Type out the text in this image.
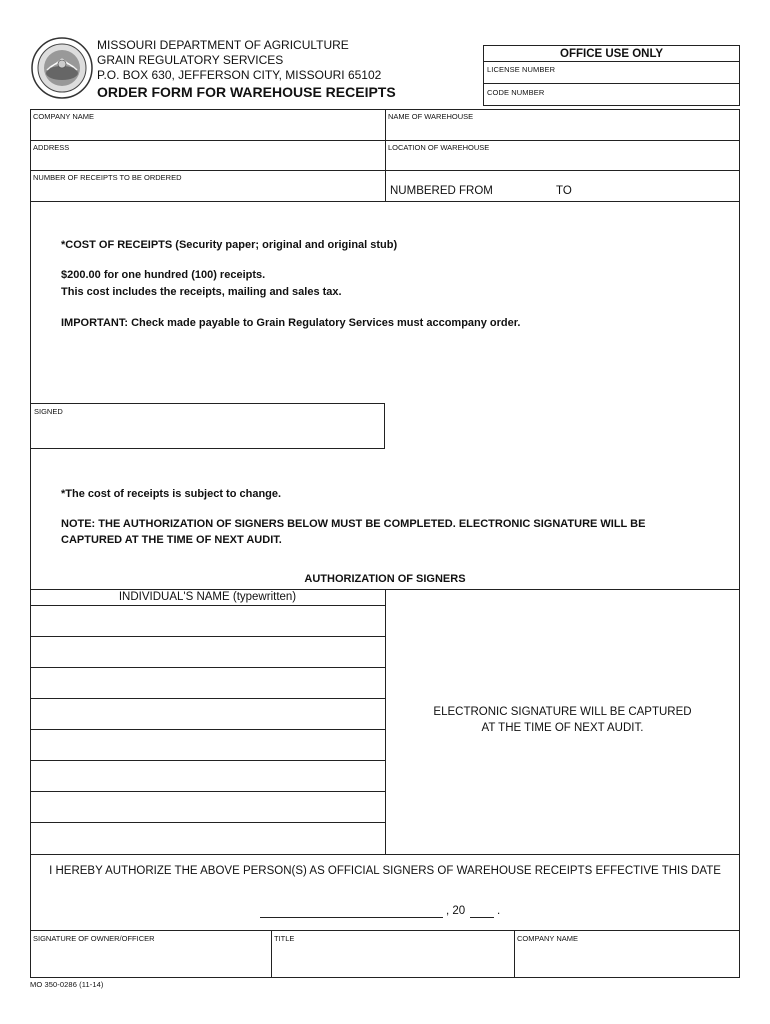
MISSOURI DEPARTMENT OF AGRICULTURE
GRAIN REGULATORY SERVICES
P.O. BOX 630, JEFFERSON CITY, MISSOURI 65102
ORDER FORM FOR WAREHOUSE RECEIPTS
OFFICE USE ONLY
LICENSE NUMBER
CODE NUMBER
COMPANY NAME	NAME OF WAREHOUSE
ADDRESS	LOCATION OF WAREHOUSE
NUMBER OF RECEIPTS TO BE ORDERED
NUMBERED FROM	TO
*COST OF RECEIPTS (Security paper; original and original stub)
$200.00 for one hundred (100) receipts.
This cost includes the receipts, mailing and sales tax.
IMPORTANT: Check made payable to Grain Regulatory Services must accompany order.
SIGNED
*The cost of receipts is subject to change.
NOTE: THE AUTHORIZATION OF SIGNERS BELOW MUST BE COMPLETED. ELECTRONIC SIGNATURE WILL BE
CAPTURED AT THE TIME OF NEXT AUDIT.
AUTHORIZATION OF SIGNERS
INDIVIDUAL'S NAME (typewritten)
ELECTRONIC SIGNATURE WILL BE CAPTURED
AT THE TIME OF NEXT AUDIT.
I HEREBY AUTHORIZE THE ABOVE PERSON(S) AS OFFICIAL SIGNERS OF WAREHOUSE RECEIPTS EFFECTIVE THIS DATE
, 20	.
SIGNATURE OF OWNER/OFFICER	TITLE	COMPANY NAME
MO 350-0286 (11-14)
